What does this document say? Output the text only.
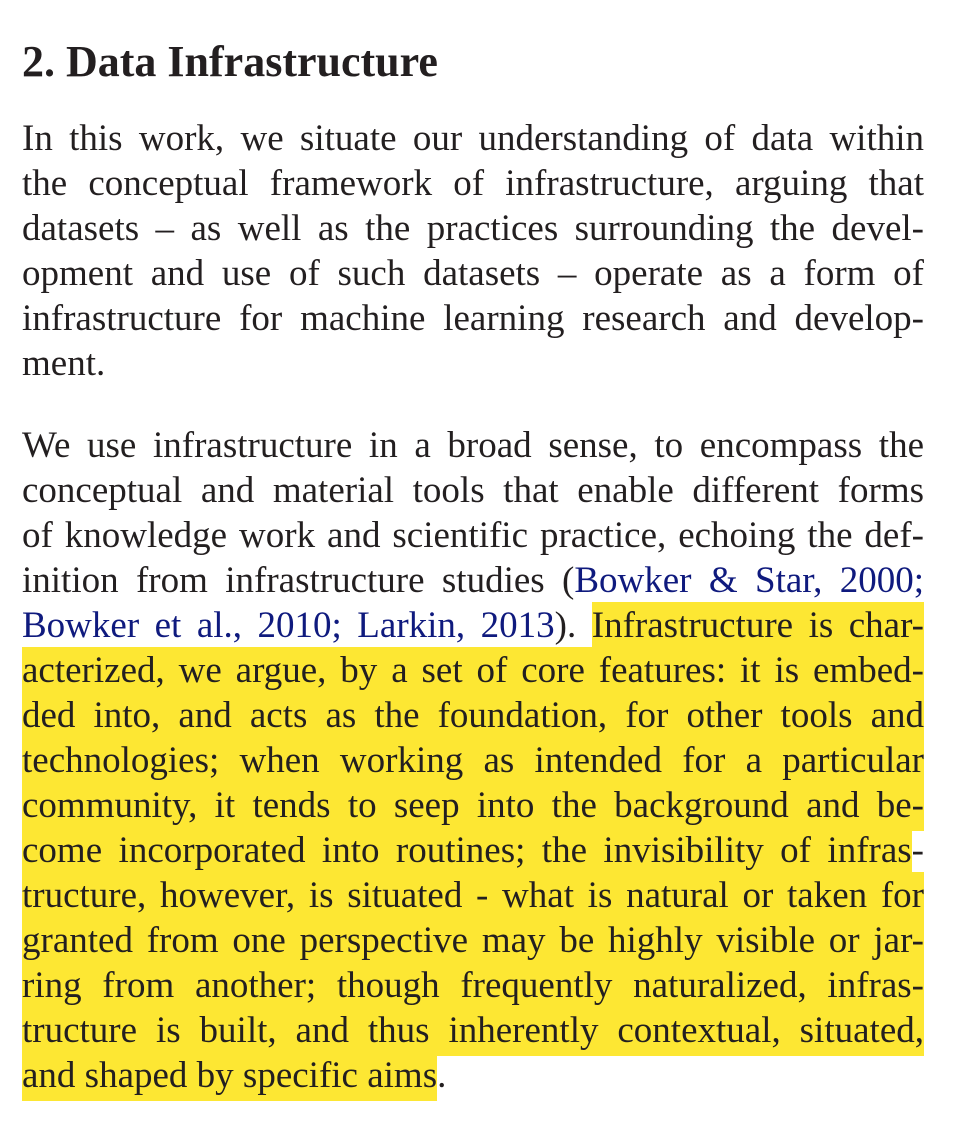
2. Data Infrastructure
In this work, we situate our understanding of data within
the conceptual framework of infrastructure, arguing that
datasets – as well as the practices surrounding the devel-
opment and use of such datasets – operate as a form of
infrastructure for machine learning research and develop-
ment.
We use infrastructure in a broad sense, to encompass the
conceptual and material tools that enable different forms
of knowledge work and scientific practice, echoing the def-
inition from infrastructure studies (Bowker & Star, 2000;
Bowker et al., 2010; Larkin, 2013). Infrastructure is char-
acterized, we argue, by a set of core features: it is embed-
ded into, and acts as the foundation, for other tools and
technologies; when working as intended for a particular
community, it tends to seep into the background and be-
come incorporated into routines; the invisibility of infras-
tructure, however, is situated - what is natural or taken for
granted from one perspective may be highly visible or jar-
ring from another; though frequently naturalized, infras-
tructure is built, and thus inherently contextual, situated,
and shaped by specific aims.
